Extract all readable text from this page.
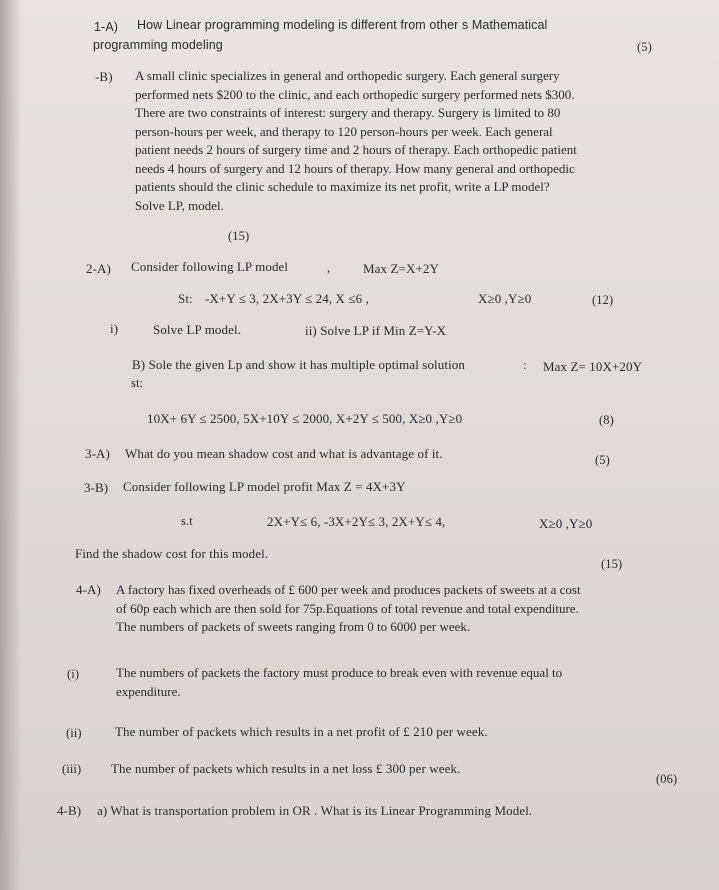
1-A) How Linear programming modeling is different from other s Mathematical
programming modeling	(5)
-B) A small clinic specializes in general and orthopedic surgery. Each general surgery
performed nets $200 to the clinic, and each orthopedic surgery performed nets $300.
There are two constraints of interest: surgery and therapy. Surgery is limited to 80
person-hours per week, and therapy to 120 person-hours per week. Each general
patient needs 2 hours of surgery time and 2 hours of therapy. Each orthopedic patient
needs 4 hours of surgery and 12 hours of therapy. How many general and orthopedic
patients should the clinic schedule to maximize its net profit, write a LP model?
Solve LP, model.
(15)
2-A) Consider following LP model	,	Max Z=X+2Y
St: -X+Y ≤ 3, 2X+3Y ≤ 24, X ≤6 ,	X≥0 ,Y≥0	(12)
i)	Solve LP model.	ii) Solve LP if Min Z=Y-X
B) Sole the given Lp and show it has multiple optimal solution	: Max Z= 10X+20Y
st:
10X+ 6Y ≤ 2500, 5X+10Y ≤ 2000, X+2Y ≤ 500, X≥0 ,Y≥0	(8)
3-A) What do you mean shadow cost and what is advantage of it.	(5)
3-B) Consider following LP model profit Max Z = 4X+3Y
s.t	2X+Y≤ 6, -3X+2Y≤ 3, 2X+Y≤ 4,	X≥0 ,Y≥0
Find the shadow cost for this model.
(15)
4-A) A factory has fixed overheads of £ 600 per week and produces packets of sweets at a cost
of 60p each which are then sold for 75p.Equations of total revenue and total expenditure.
The numbers of packets of sweets ranging from 0 to 6000 per week.
(i)	The numbers of packets the factory must produce to break even with revenue equal to
expenditure.
(ii)	The number of packets which results in a net profit of £ 210 per week.
(iii) The number of packets which results in a net loss £ 300 per week.
(06)
4-B) a) What is transportation problem in OR . What is its Linear Programming Model.
